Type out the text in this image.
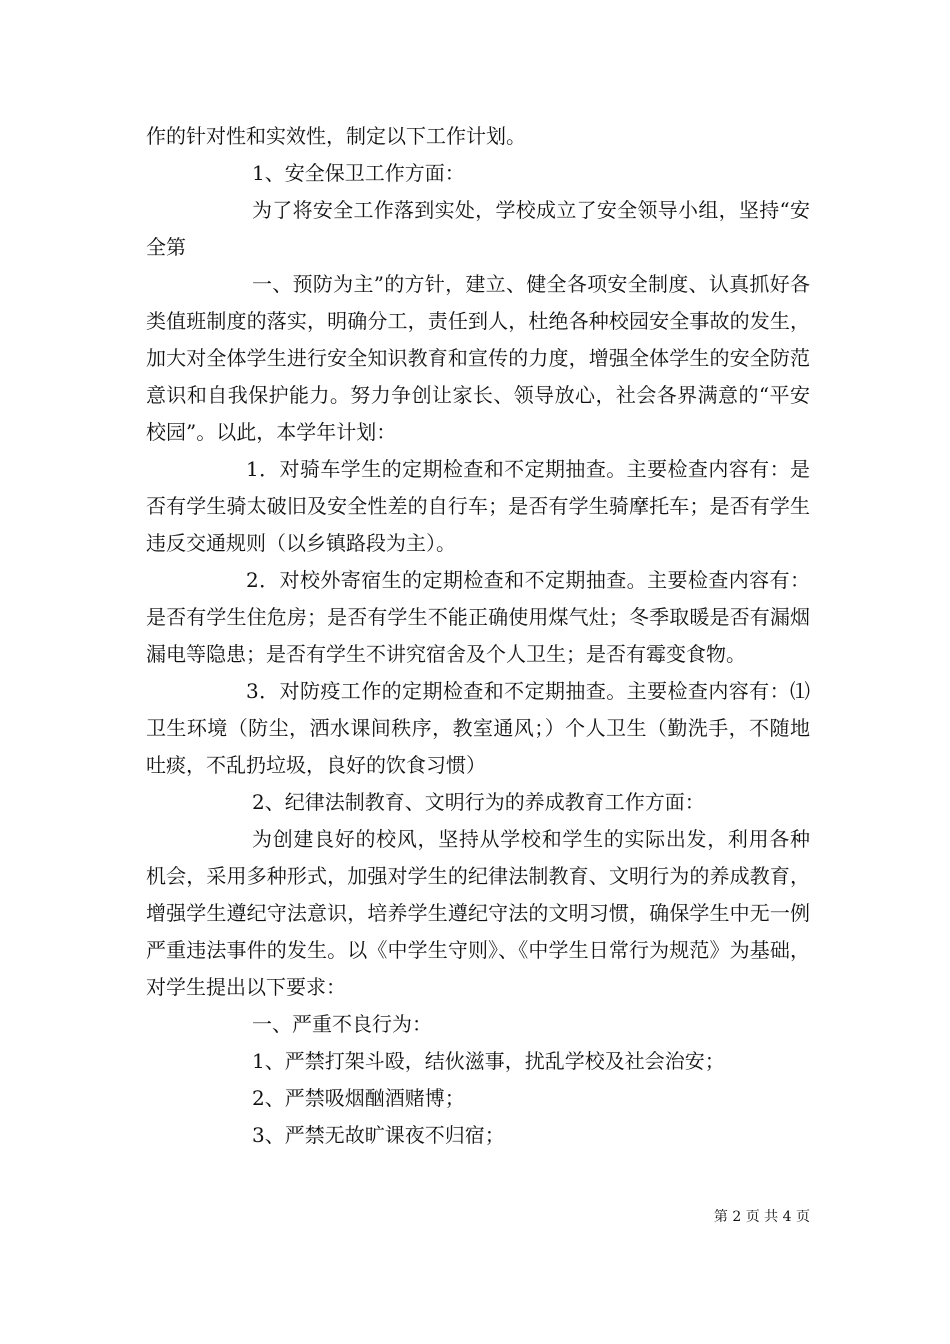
作的针对性和实效性，制定以下工作计划。

1、安全保卫工作方面：

为了将安全工作落到实处，学校成立了安全领导小组，坚持“安全第

一、预防为主”的方针，建立、健全各项安全制度、认真抓好各类值班制度的落实，明确分工，责任到人，杜绝各种校园安全事故的发生，加大对全体学生进行安全知识教育和宣传的力度，增强全体学生的安全防范意识和自我保护能力。努力争创让家长、领导放心，社会各界满意的“平安校园”。以此，本学年计划：

1．对骑车学生的定期检查和不定期抽查。主要检查内容有：是否有学生骑太破旧及安全性差的自行车；是否有学生骑摩托车；是否有学生违反交通规则（以乡镇路段为主）。

2．对校外寄宿生的定期检查和不定期抽查。主要检查内容有：是否有学生住危房；是否有学生不能正确使用煤气灶；冬季取暖是否有漏烟漏电等隐患；是否有学生不讲究宿舍及个人卫生；是否有霉变食物。

3．对防疫工作的定期检查和不定期抽查。主要检查内容有：⑴卫生环境（防尘，洒水课间秩序，教室通风；）个人卫生（勤洗手，不随地吐痰，不乱扔垃圾，良好的饮食习惯）

2、纪律法制教育、文明行为的养成教育工作方面：

为创建良好的校风，坚持从学校和学生的实际出发，利用各种机会，采用多种形式，加强对学生的纪律法制教育、文明行为的养成教育，增强学生遵纪守法意识，培养学生遵纪守法的文明习惯，确保学生中无一例严重违法事件的发生。以《中学生守则》、《中学生日常行为规范》为基础，对学生提出以下要求：

一、严重不良行为：

1、严禁打架斗殴，结伙滋事，扰乱学校及社会治安；

2、严禁吸烟酗酒赌博；

3、严禁无故旷课夜不归宿；

第 2 页 共 4 页
